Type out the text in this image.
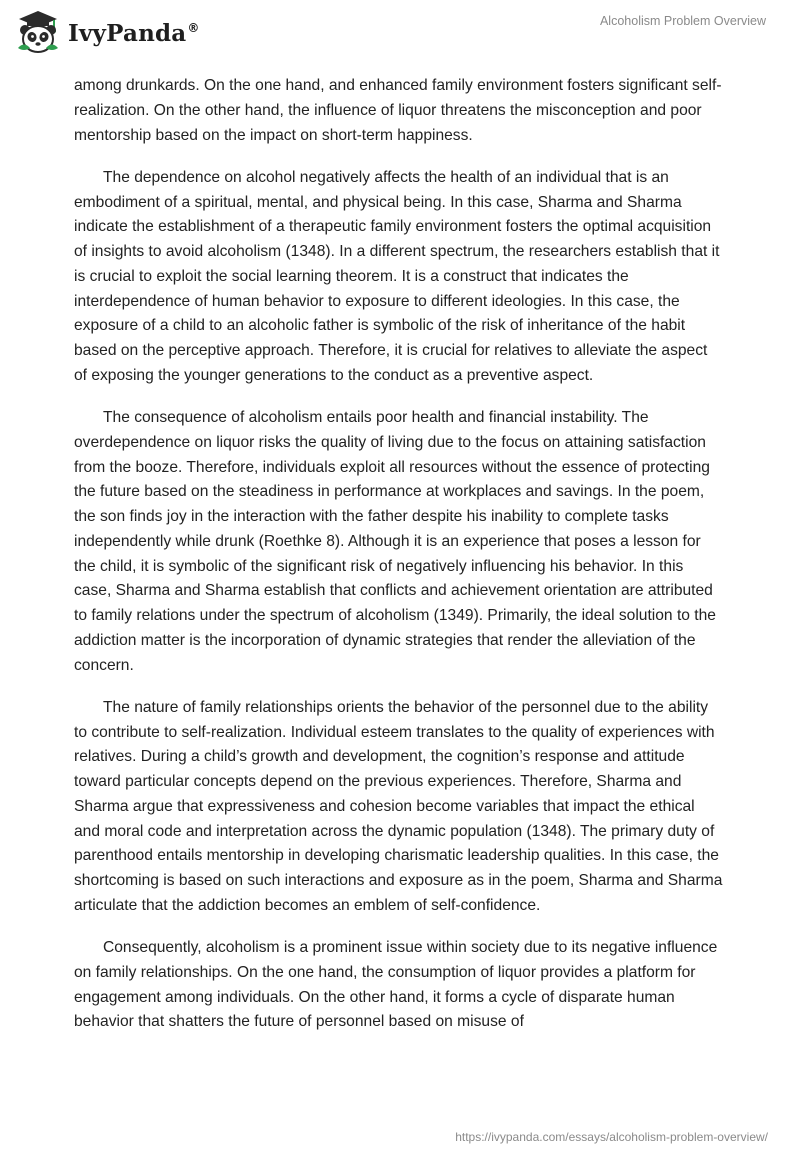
IvyPanda®	Alcoholism Problem Overview

among drunkards. On the one hand, and enhanced family environment fosters significant self-realization. On the other hand, the influence of liquor threatens the misconception and poor mentorship based on the impact on short-term happiness.

The dependence on alcohol negatively affects the health of an individual that is an embodiment of a spiritual, mental, and physical being. In this case, Sharma and Sharma indicate the establishment of a therapeutic family environment fosters the optimal acquisition of insights to avoid alcoholism (1348). In a different spectrum, the researchers establish that it is crucial to exploit the social learning theorem. It is a construct that indicates the interdependence of human behavior to exposure to different ideologies. In this case, the exposure of a child to an alcoholic father is symbolic of the risk of inheritance of the habit based on the perceptive approach. Therefore, it is crucial for relatives to alleviate the aspect of exposing the younger generations to the conduct as a preventive aspect.

The consequence of alcoholism entails poor health and financial instability. The overdependence on liquor risks the quality of living due to the focus on attaining satisfaction from the booze. Therefore, individuals exploit all resources without the essence of protecting the future based on the steadiness in performance at workplaces and savings. In the poem, the son finds joy in the interaction with the father despite his inability to complete tasks independently while drunk (Roethke 8). Although it is an experience that poses a lesson for the child, it is symbolic of the significant risk of negatively influencing his behavior. In this case, Sharma and Sharma establish that conflicts and achievement orientation are attributed to family relations under the spectrum of alcoholism (1349). Primarily, the ideal solution to the addiction matter is the incorporation of dynamic strategies that render the alleviation of the concern.

The nature of family relationships orients the behavior of the personnel due to the ability to contribute to self-realization. Individual esteem translates to the quality of experiences with relatives. During a child’s growth and development, the cognition’s response and attitude toward particular concepts depend on the previous experiences. Therefore, Sharma and Sharma argue that expressiveness and cohesion become variables that impact the ethical and moral code and interpretation across the dynamic population (1348). The primary duty of parenthood entails mentorship in developing charismatic leadership qualities. In this case, the shortcoming is based on such interactions and exposure as in the poem, Sharma and Sharma articulate that the addiction becomes an emblem of self-confidence.

Consequently, alcoholism is a prominent issue within society due to its negative influence on family relationships. On the one hand, the consumption of liquor provides a platform for engagement among individuals. On the other hand, it forms a cycle of disparate human behavior that shatters the future of personnel based on misuse of

https://ivypanda.com/essays/alcoholism-problem-overview/
